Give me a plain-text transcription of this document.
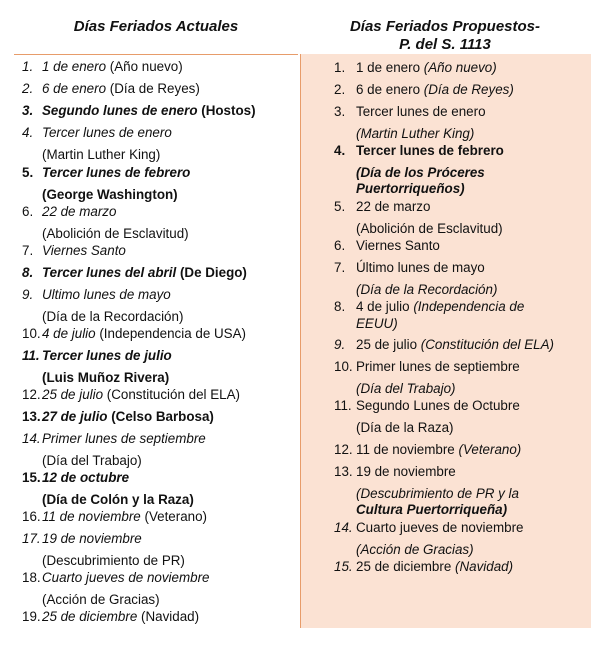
Días Feriados Actuales	Días Feriados Propuestos-
P. del S. 1113
1. 1 de enero (Año nuevo)
2. 6 de enero (Día de Reyes)
3. Segundo lunes de enero (Hostos)
4. Tercer lunes de enero
(Martin Luther King)
5. Tercer lunes de febrero
(George Washington)
6. 22 de marzo
(Abolición de Esclavitud)
7. Viernes Santo
8. Tercer lunes del abril (De Diego)
9. Ultimo lunes de mayo
(Día de la Recordación)
10.4 de julio (Independencia de USA)
11. Tercer lunes de julio
(Luis Muñoz Rivera)
12.25 de julio (Constitución del ELA)
13.27 de julio (Celso Barbosa)
14.Primer lunes de septiembre
(Día del Trabajo)
15.12 de octubre
(Día de Colón y la Raza)
16.11 de noviembre (Veterano)
17.19 de noviembre
(Descubrimiento de PR)
18.Cuarto jueves de noviembre
(Acción de Gracias)
19.25 de diciembre (Navidad)
1. 1 de enero (Año nuevo)
2. 6 de enero (Día de Reyes)
3. Tercer lunes de enero
(Martin Luther King)
4. Tercer lunes de febrero
(Día de los Próceres
Puertorriqueños)
5. 22 de marzo
(Abolición de Esclavitud)
6. Viernes Santo
7. Último lunes de mayo
(Día de la Recordación)
8. 4 de julio (Independencia de
EEUU)
9. 25 de julio (Constitución del ELA)
10. Primer lunes de septiembre
(Día del Trabajo)
11. Segundo Lunes de Octubre
(Día de la Raza)
12. 11 de noviembre (Veterano)
13. 19 de noviembre
(Descubrimiento de PR y la
Cultura Puertorriqueña)
14. Cuarto jueves de noviembre
(Acción de Gracias)
15. 25 de diciembre (Navidad)
